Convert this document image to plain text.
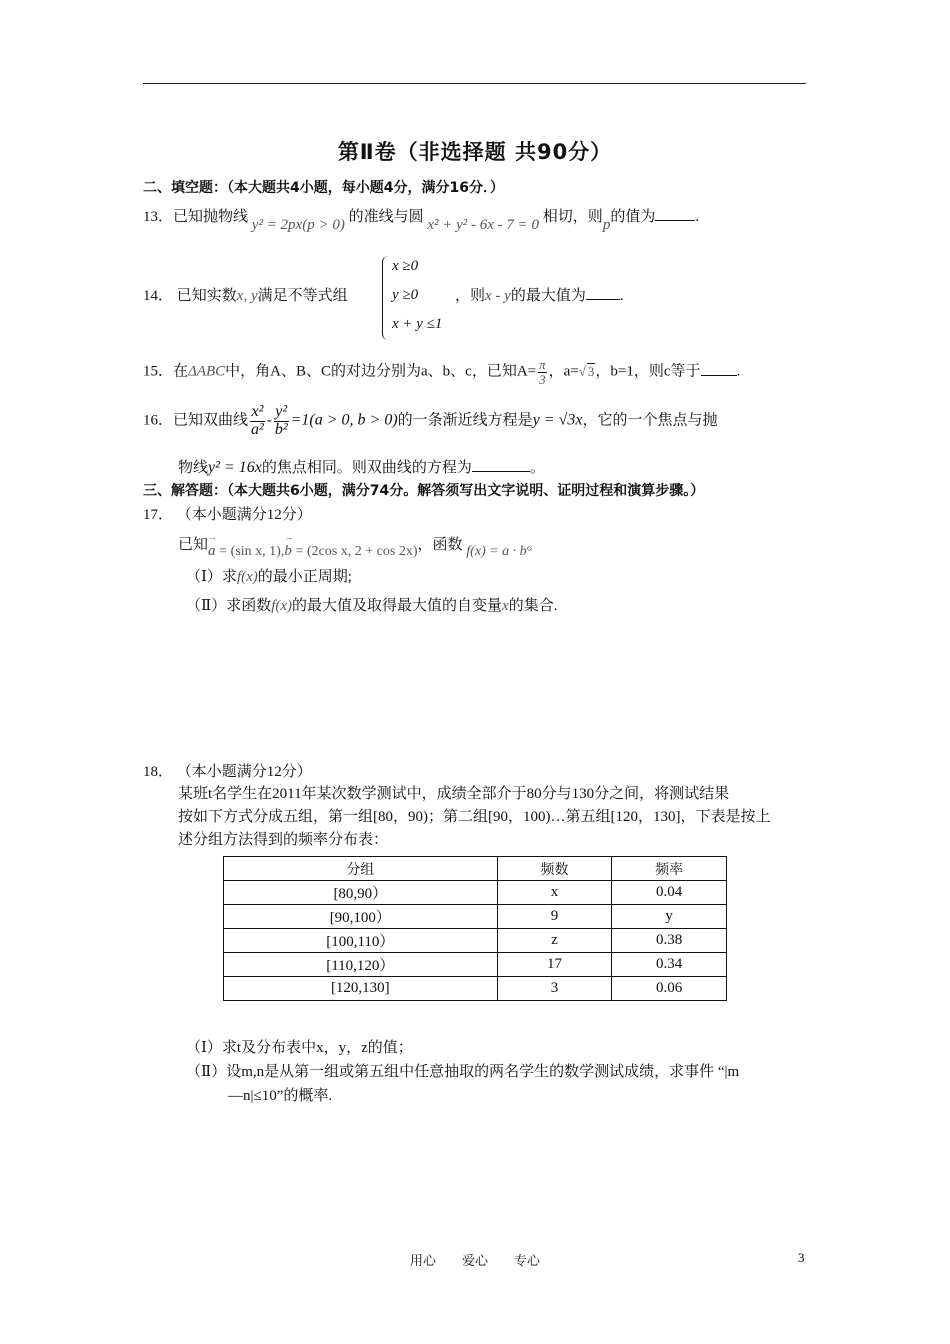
第Ⅱ卷（非选择题 共90分）
二、填空题：（本大题共4小题，每小题4分，满分16分．）
13．已知抛物线 y² = 2px(p > 0) 的准线与圆 x² + y² - 6x - 7 = 0 相切，则p的值为	.
14． 已知实数x, y满足不等式组
x ≥0
y ≥0
x + y ≤1
，则x - y的最大值为 .
15．在ΔABC中，角A、B、C的对边分别为a、b、c，已知$A= \frac{\pi}{3}$ ，a=√ 3，b=1，则c等于 .
16．已知双曲线 $\frac{\text{x²}}{\text{a²}} - \frac{\text{y²}}{\text{b²}} =1(a > 0$, b > 0)的一条渐近线方程是y = √3x，它的一个焦点与抛
物线y² = 16x的焦点相同。则双曲线的方程为	。
三、解答题：（本大题共6小题，满分74分。解答须写出文字说明、证明过程和演算步骤。）
17． （本小题满分12分）
已知→ a = (sin x, 1),→ b = (2cos x, 2 + cos 2x)，函数 f(x) = a · b。
（Ⅰ）求f(x)的最小正周期;
（Ⅱ）求函数f(x)的最大值及取得最大值的自变量x的集合.
18． （本小题满分12分）
某班t名学生在2011年某次数学测试中，成绩全部介于80分与130分之间，将测试结果
按如下方式分成五组，第一组[80，90)；第二组[90，100)…第五组[120，130]，下表是按上
述分组方法得到的频率分布表：
分组	频数	频率
[80,90）	x	0.04
[90,100）	9	y
[100,110）	z	0.38
[110,120）	17	0.34
[120,130]	3	0.06
（Ⅰ）求t及分布表中x，y，z的值；
（Ⅱ）设m,n是从第一组或第五组中任意抽取的两名学生的数学测试成绩，求事件 “|m
—n|≤10”的概率.
用心　　爱心　　专心	3
